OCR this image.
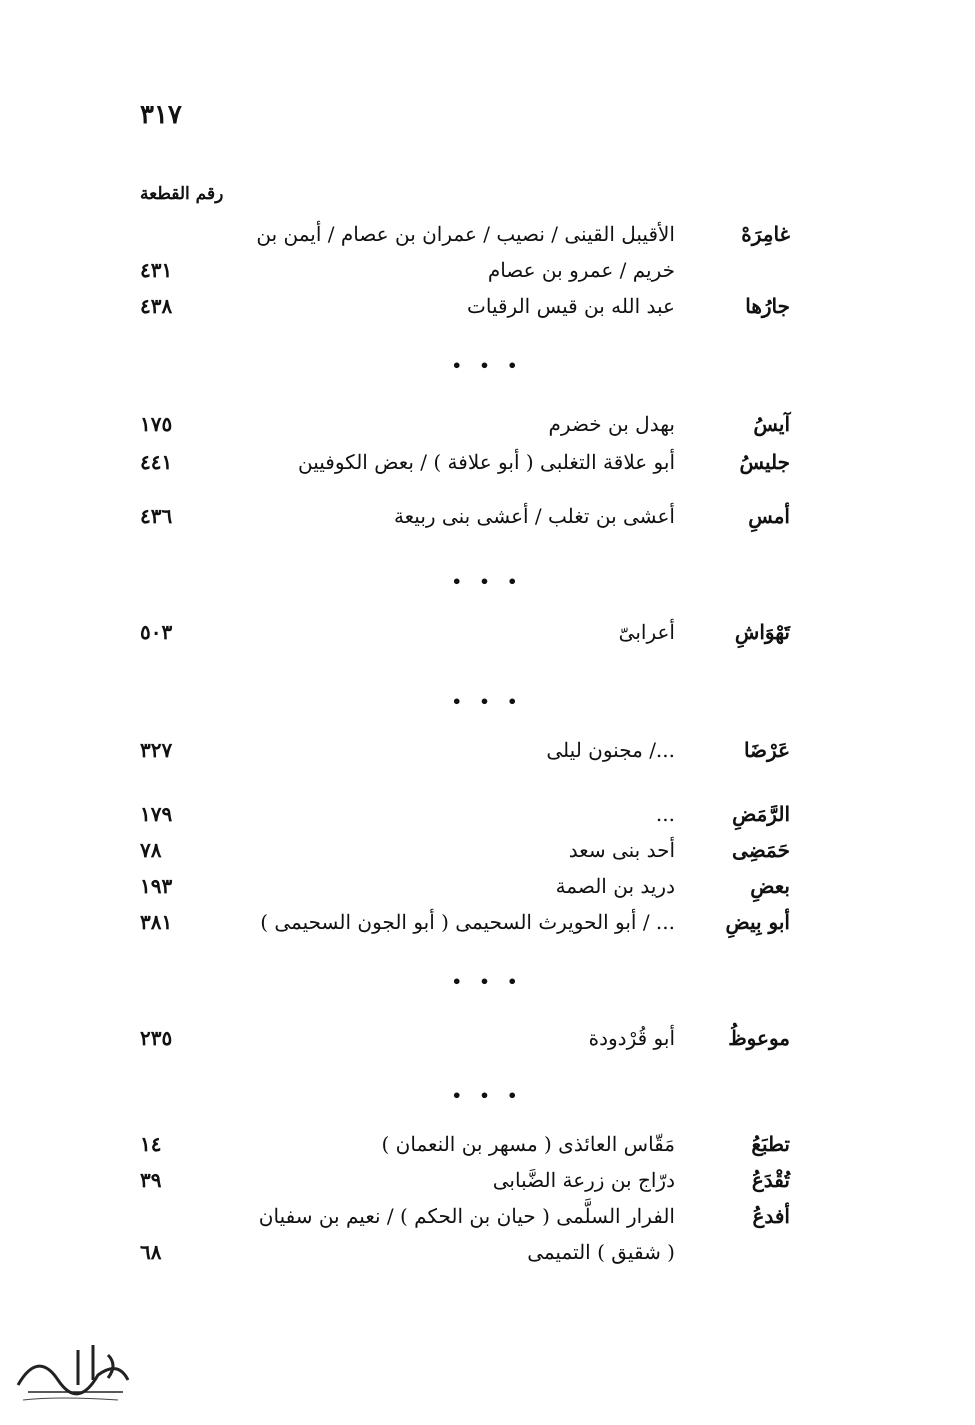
٣١٧
رقم القطعة
غامِرَهْ
الأقيبل القينى / نصيب / عمران بن عصام / أيمن بن
خريم / عمرو بن عصام
٤٣١
جارُها
عبد الله بن قيس الرقيات
٤٣٨
• • •
آيسُ
بهدل بن خضرم
١٧٥
جليسُ
أبو علاقة التغلبى ( أبو علافة ) / بعض الكوفيين
٤٤١
أمسِ
أعشى بن تغلب / أعشى بنى ربيعة
٤٣٦
• • •
تَهْوَاشِ
أعرابىّ
٥٠٣
• • •
عَرْضَا
.../ مجنون ليلى
٣٢٧
الرَّمَضِ
...
١٧٩
حَمَضِى
أحد بنى سعد
٧٨
بعضِ
دريد بن الصمة
١٩٣
أبو بِيضِ
... / أبو الحويرث السحيمى ( أبو الجون السحيمى )
٣٨١
• • •
موعوظُ
أبو قُرْدودة
٢٣٥
• • •
تطبَعُ
مَقّاس العائذى ( مسهر بن النعمان )
١٤
تُقْدَعُ
درّاج بن زرعة الضَّبابى
٣٩
أفدعُ
الفرار السلَّمى ( حيان بن الحكم ) / نعيم بن سفيان
( شقيق ) التميمى
٦٨
